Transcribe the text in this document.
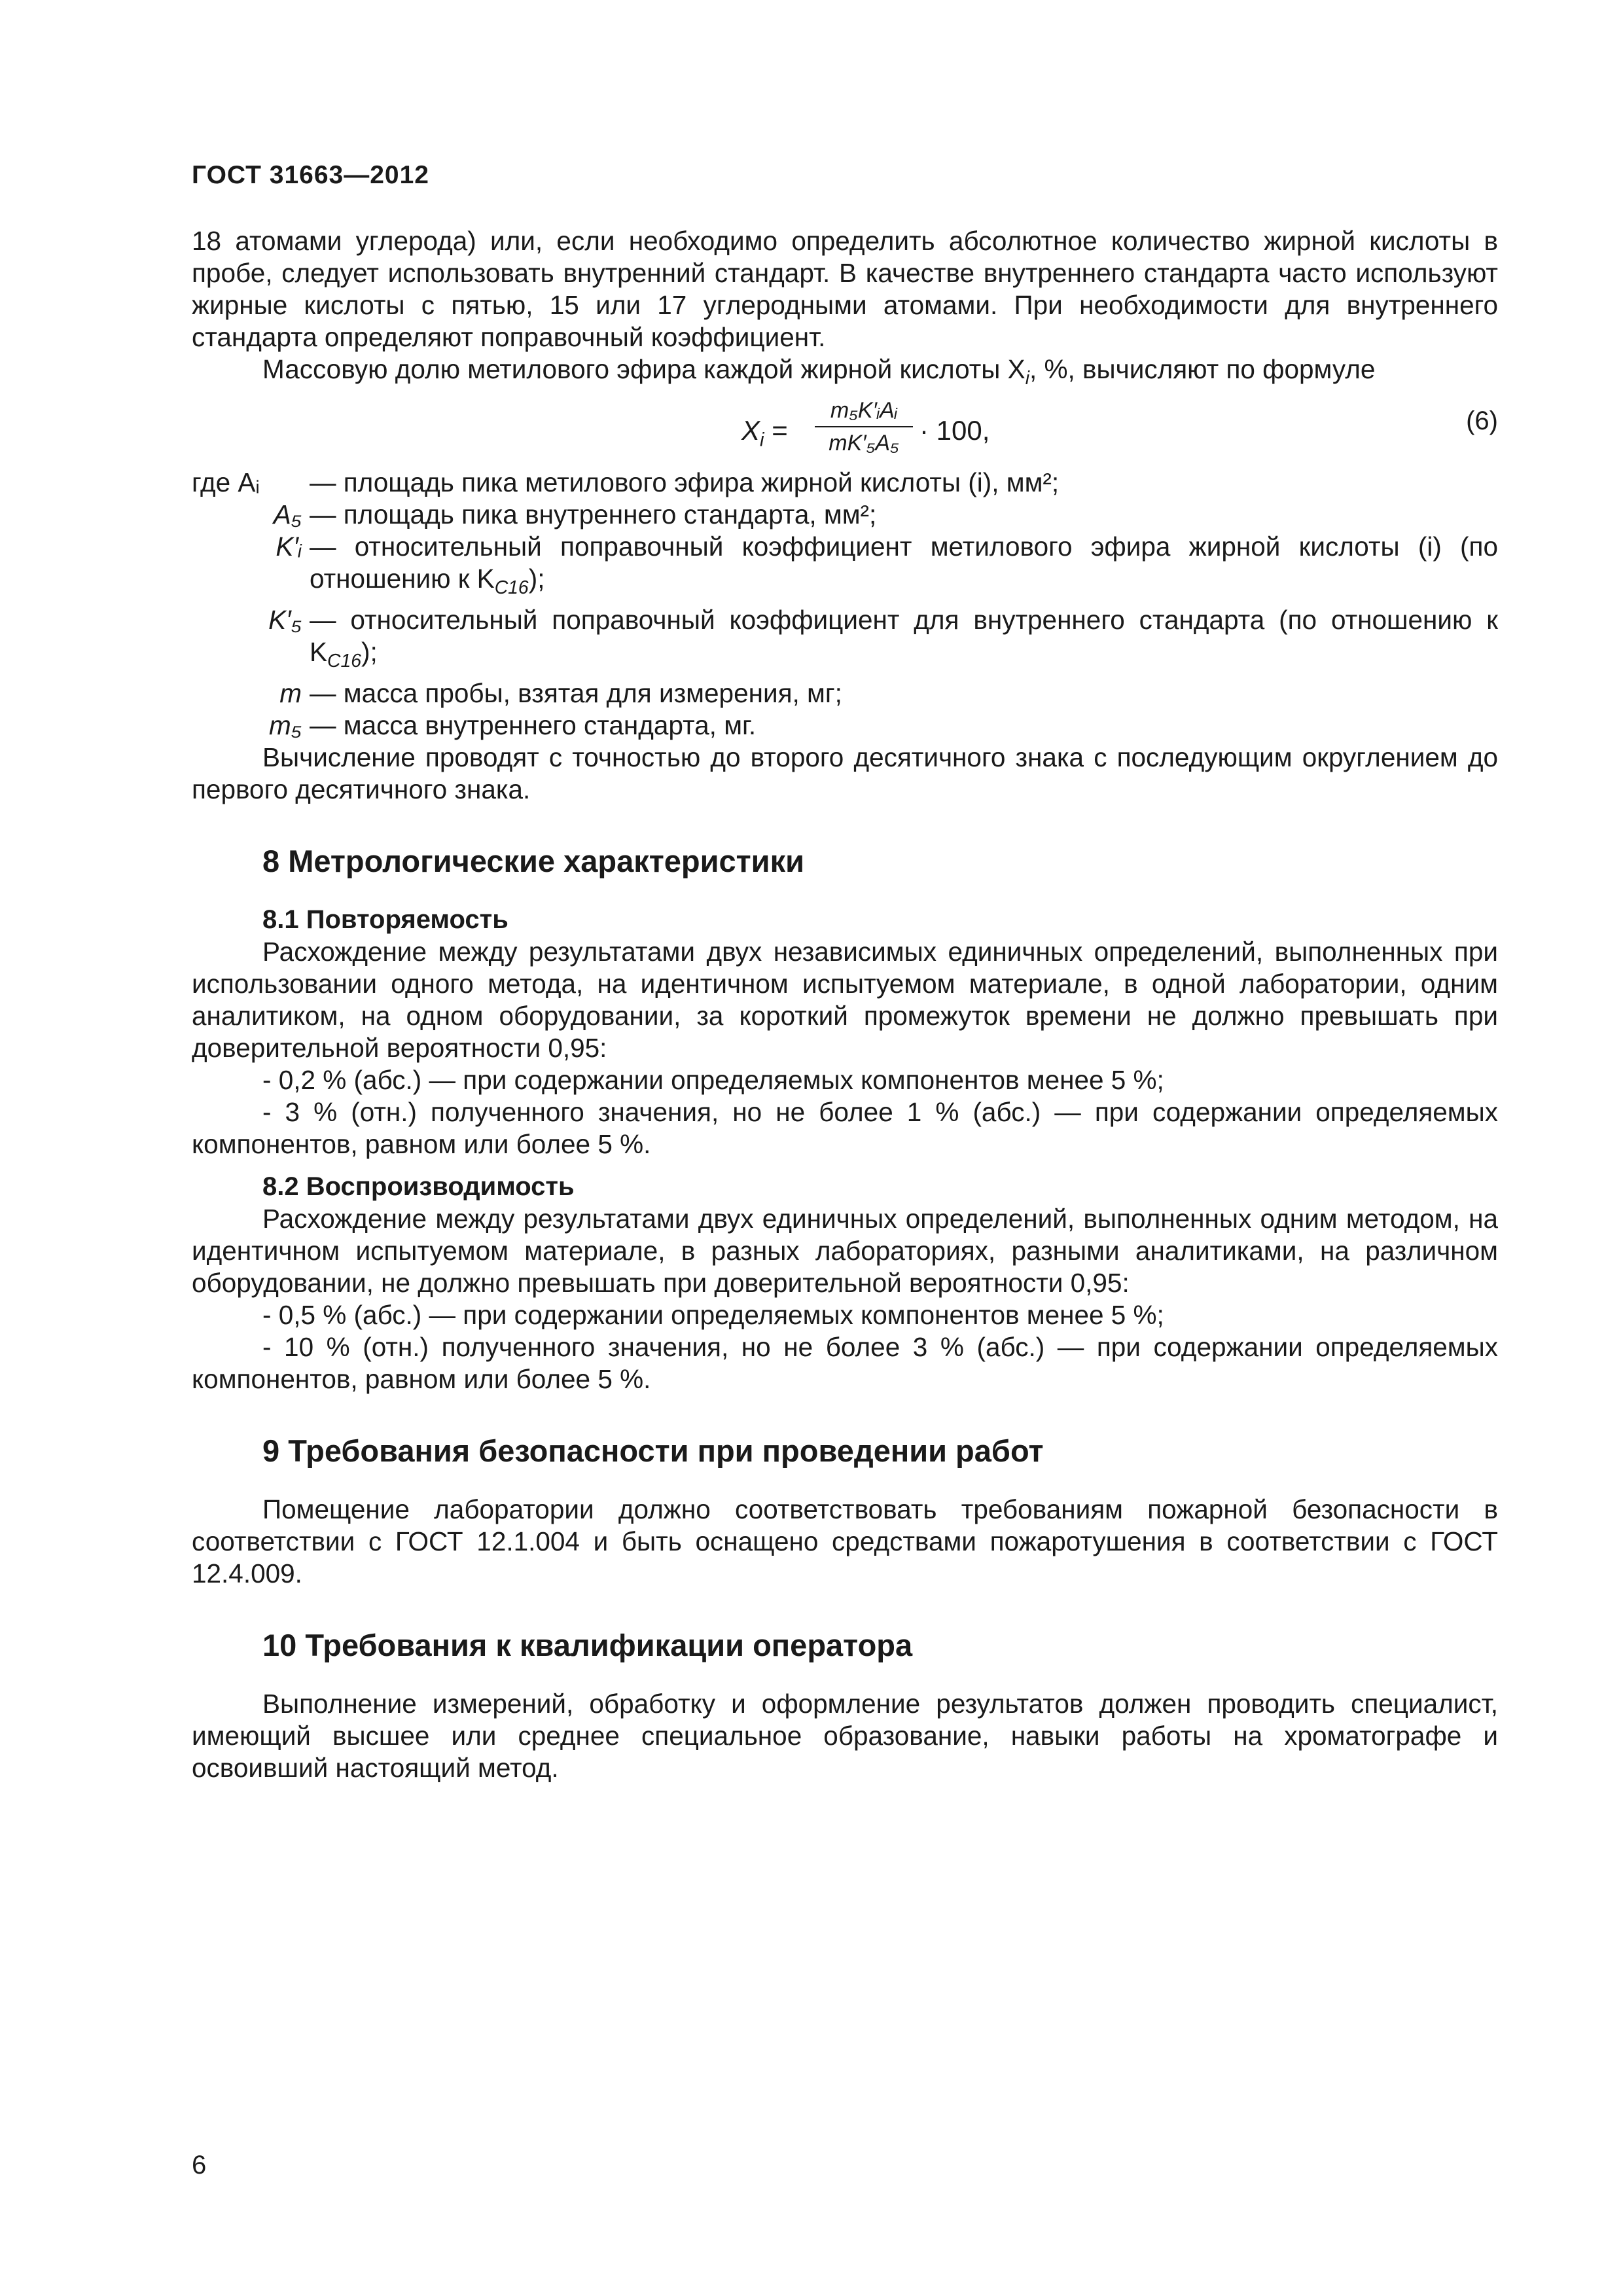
ГОСТ 31663—2012

18 атомами углерода) или, если необходимо определить абсолютное количество жирной кислоты в пробе, следует использовать внутренний стандарт. В качестве внутреннего стандарта часто используют жирные кислоты с пятью, 15 или 17 углеродными атомами. При необходимости для внутреннего стандарта определяют поправочный коэффициент.

Массовую долю метилового эфира каждой жирной кислоты $X_i$, %, вычисляют по формуле

$X_i$ =
m₅K′ᵢAᵢ
mK′₅A₅ · 100,	(6)
где Aᵢ	— площадь пика метилового эфира жирной кислоты (i), мм²;
A₅ — площадь пика внутреннего стандарта, мм²;
K′ᵢ — относительный поправочный коэффициент метилового эфира жирной кислоты (i) (по отношению к $K_{C16}$);
K′₅ — относительный поправочный коэффициент для внутреннего стандарта (по отношению к $K_{C16}$);
m — масса пробы, взятая для измерения, мг;
m₅ — масса внутреннего стандарта, мг.

Вычисление проводят с точностью до второго десятичного знака с последующим округлением до первого десятичного знака.

8 Метрологические характеристики
8.1 Повторяемость

Расхождение между результатами двух независимых единичных определений, выполненных при использовании одного метода, на идентичном испытуемом материале, в одной лаборатории, одним аналитиком, на одном оборудовании, за короткий промежуток времени не должно превышать при доверительной вероятности 0,95:

- 0,2 % (абс.) — при содержании определяемых компонентов менее 5 %;

- 3 % (отн.) полученного значения, но не более 1 % (абс.) — при содержании определяемых компонентов, равном или более 5 %.

8.2 Воспроизводимость

Расхождение между результатами двух единичных определений, выполненных одним методом, на идентичном испытуемом материале, в разных лабораториях, разными аналитиками, на различном оборудовании, не должно превышать при доверительной вероятности 0,95:

- 0,5 % (абс.) — при содержании определяемых компонентов менее 5 %;

- 10 % (отн.) полученного значения, но не более 3 % (абс.) — при содержании определяемых компонентов, равном или более 5 %.

9 Требования безопасности при проведении работ

Помещение лаборатории должно соответствовать требованиям пожарной безопасности в соответствии с ГОСТ 12.1.004 и быть оснащено средствами пожаротушения в соответствии с ГОСТ 12.4.009.

10 Требования к квалификации оператора

Выполнение измерений, обработку и оформление результатов должен проводить специалист, имеющий высшее или среднее специальное образование, навыки работы на хроматографе и освоивший настоящий метод.

6
